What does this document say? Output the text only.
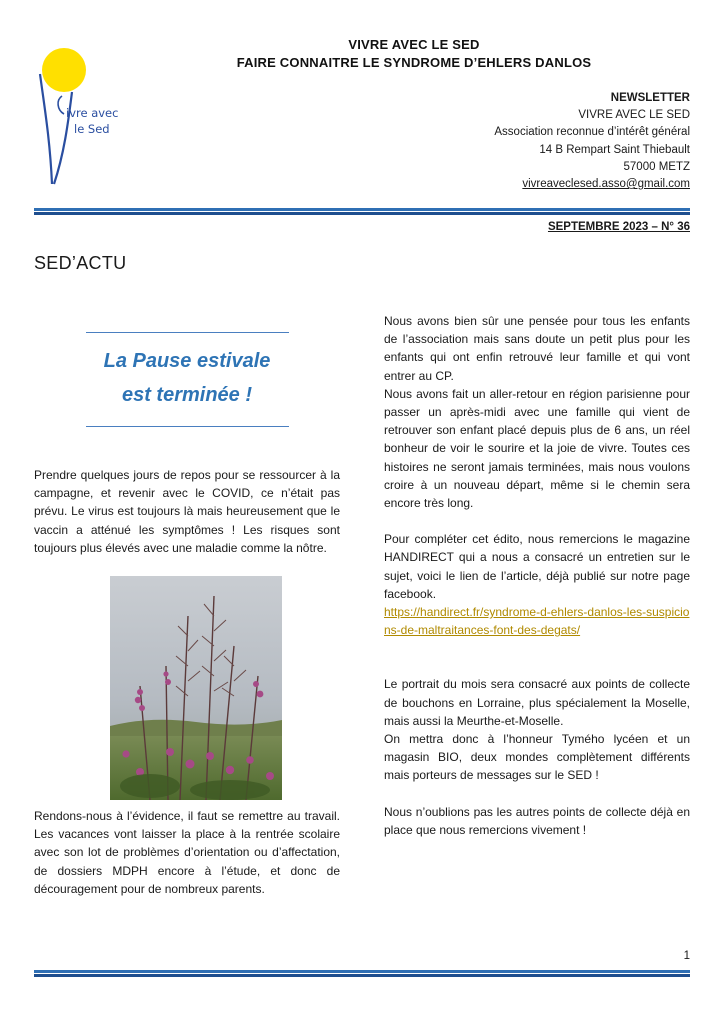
ivre avec
le Sed
VIVRE AVEC LE SED
FAIRE CONNAITRE LE SYNDROME D’EHLERS DANLOS
NEWSLETTER
VIVRE AVEC LE SED
Association reconnue d’intérêt général
14 B Rempart Saint Thiebault
57000 METZ
vivreaveclesed.asso@gmail.com
SEPTEMBRE 2023 – N° 36
SED’ACTU
La Pause estivale
est terminée !

Prendre quelques jours de repos pour se ressourcer à la campagne, et revenir avec le COVID, ce n’était pas prévu. Le virus est toujours là mais heureusement que le vaccin a atténué les symptômes ! Les risques sont toujours plus élevés avec une maladie comme la nôtre.

Rendons-nous à l’évidence, il faut se remettre au travail. Les vacances vont laisser la place à la rentrée scolaire avec son lot de problèmes d’orientation ou d’affectation, de dossiers MDPH encore à l’étude, et donc de découragement pour de nombreux parents.

Nous avons bien sûr une pensée pour tous les enfants de l’association mais sans doute un petit plus pour les enfants qui ont enfin retrouvé leur famille et qui vont entrer au CP.

Nous avons fait un aller-retour en région parisienne pour passer un après-midi avec une famille qui vient de retrouver son enfant placé depuis plus de 6 ans, un réel bonheur de voir le sourire et la joie de vivre. Toutes ces histoires ne seront jamais terminées, mais nous voulons croire à un nouveau départ, même si le chemin sera encore très long.

Pour compléter cet édito, nous remercions le magazine HANDIRECT qui a nous a consacré un entretien sur le sujet, voici le lien de l’article, déjà publié sur notre page facebook.

https://handirect.fr/syndrome-d-ehlers-danlos-les-suspicions-de-maltraitances-font-des-degats/

Le portrait du mois sera consacré aux points de collecte de bouchons en Lorraine, plus spécialement la Moselle, mais aussi la Meurthe-et-Moselle.

On mettra donc à l’honneur Tymého lycéen et un magasin BIO, deux mondes complètement différents mais porteurs de messages sur le SED !

Nous n’oublions pas les autres points de collecte déjà en place que nous remercions vivement !

1
